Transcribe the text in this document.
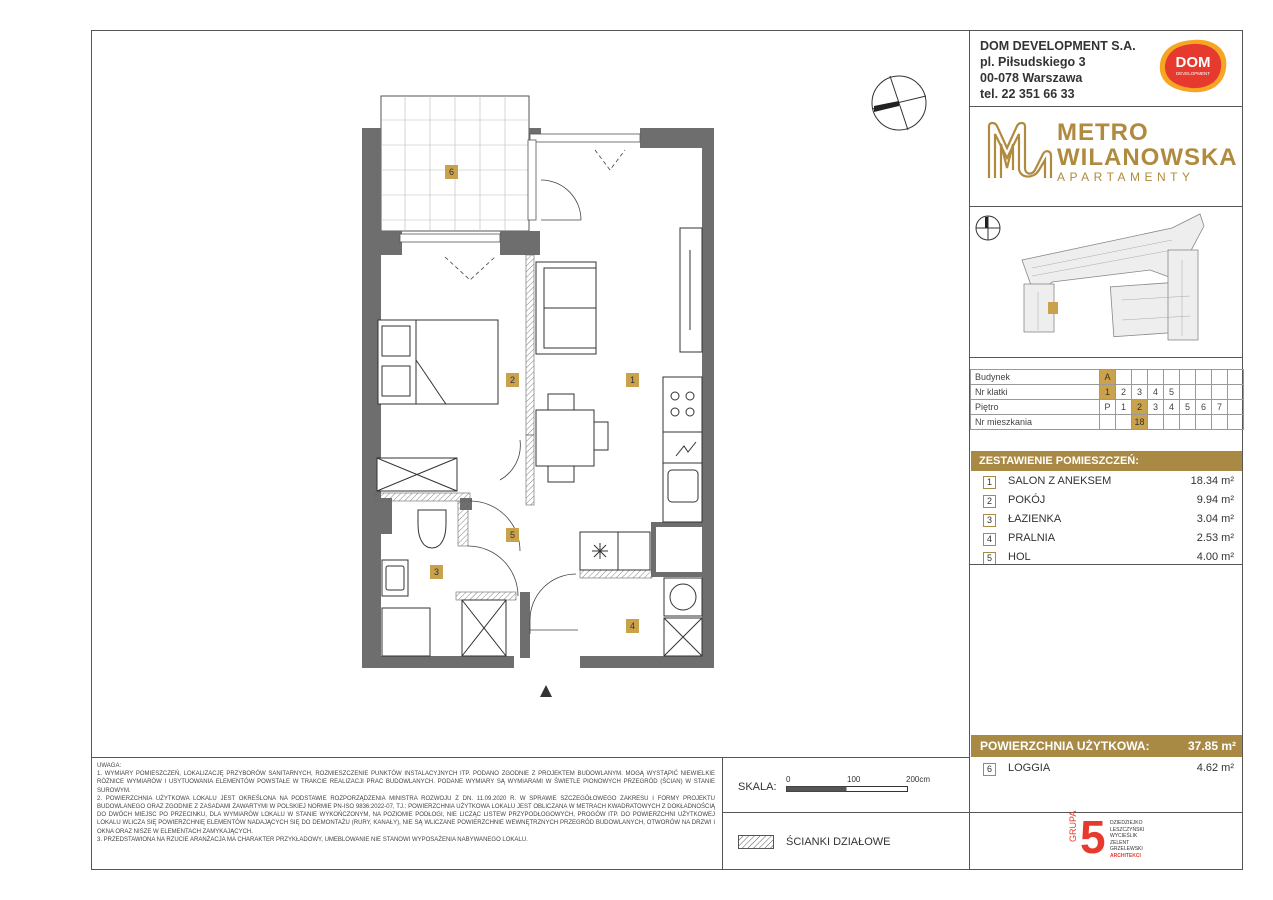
DOM DEVELOPMENT S.A.
pl. Piłsudskiego 3
00-078 Warszawa
tel. 22 351 66 33
DOM
DEVELOPMENT
METRO
WILANOWSKA
APARTAMENTY
Budynek	A								
Nr klatki	1	2	3	4	5				
Piętro	P	1	2	3	4	5	6	7	
Nr mieszkania			18						
ZESTAWIENIE POMIESZCZEŃ:
1	SALON Z ANEKSEM	18.34 m²
2	POKÓJ	9.94 m²
3	ŁAZIENKA	3.04 m²
4	PRALNIA	2.53 m²
5	HOL	4.00 m²
POWIERZCHNIA UŻYTKOWA:	37.85 m²
6	LOGGIA	4.62 m²
GRUPA 5 DZIEDZIEJKO
LESZCZYŃSKI
WYCIEŚLIK
ZELENT
GRZELEWSKI
ARCHITEKCI
UWAGA:
1. WYMIARY POMIESZCZEŃ, LOKALIZACJĘ PRZYBORÓW SANITARNYCH, ROZMIESZCZENIE PUNKTÓW INSTALACYJNYCH ITP. PODANO ZGODNIE Z PROJEKTEM BUDOWLANYM. MOGĄ WYSTĄPIĆ NIEWIELKIE RÓŻNICE WYMIARÓW I USYTUOWANIA ELEMENTÓW POWSTAŁE W TRAKCIE REALIZACJI PRAC BUDOWLANYCH. PODANE WYMIARY SĄ WYMIARAMI W ŚWIETLE PIONOWYCH PRZEGRÓD (ŚCIAN) W STANIE SUROWYM.
2. POWIERZCHNIA UŻYTKOWA LOKALU JEST OKREŚLONA NA PODSTAWIE ROZPORZĄDZENIA MINISTRA ROZWOJU Z DN. 11.09.2020 R. W SPRAWIE SZCZEGÓŁOWEGO ZAKRESU I FORMY PROJEKTU BUDOWLANEGO ORAZ ZGODNIE Z ZASADAMI ZAWARTYMI W POLSKIEJ NORMIE PN-ISO 9836:2022-07, TJ.: POWIERZCHNIA UŻYTKOWA LOKALU JEST OBLICZANA W METRACH KWADRATOWYCH Z DOKŁADNOŚCIĄ DO DWÓCH MIEJSC PO PRZECINKU, DLA WYMIARÓW LOKALU W STANIE WYKOŃCZONYM, NA POZIOMIE PODŁOGI, NIE LICZĄC LISTEW PRZYPODŁOGOWYCH, PROGÓW ITP. DO POWIERZCHNI UŻYTKOWEJ LOKALU WLICZA SIĘ POWIERZCHNIĘ ELEMENTÓW NADAJĄCYCH SIĘ DO DEMONTAŻU (RURY, KANAŁY), NIE SĄ WLICZANE POWIERZCHNIE WEWNĘTRZNYCH PRZEGRÓD BUDOWLANYCH, OTWORÓW NA DRZWI I OKNA ORAZ NISZE W ELEMENTACH ZAMYKAJĄCYCH.
3. PRZEDSTAWIONA NA RZUCIE ARANŻACJA MA CHARAKTER PRZYKŁADOWY, UMEBLOWANIE NIE STANOWI WYPOSAŻENIA NABYWANEGO LOKALU.
SKALA:
0	100	200cm
ŚCIANKI DZIAŁOWE
6
1
2
3
4
5
